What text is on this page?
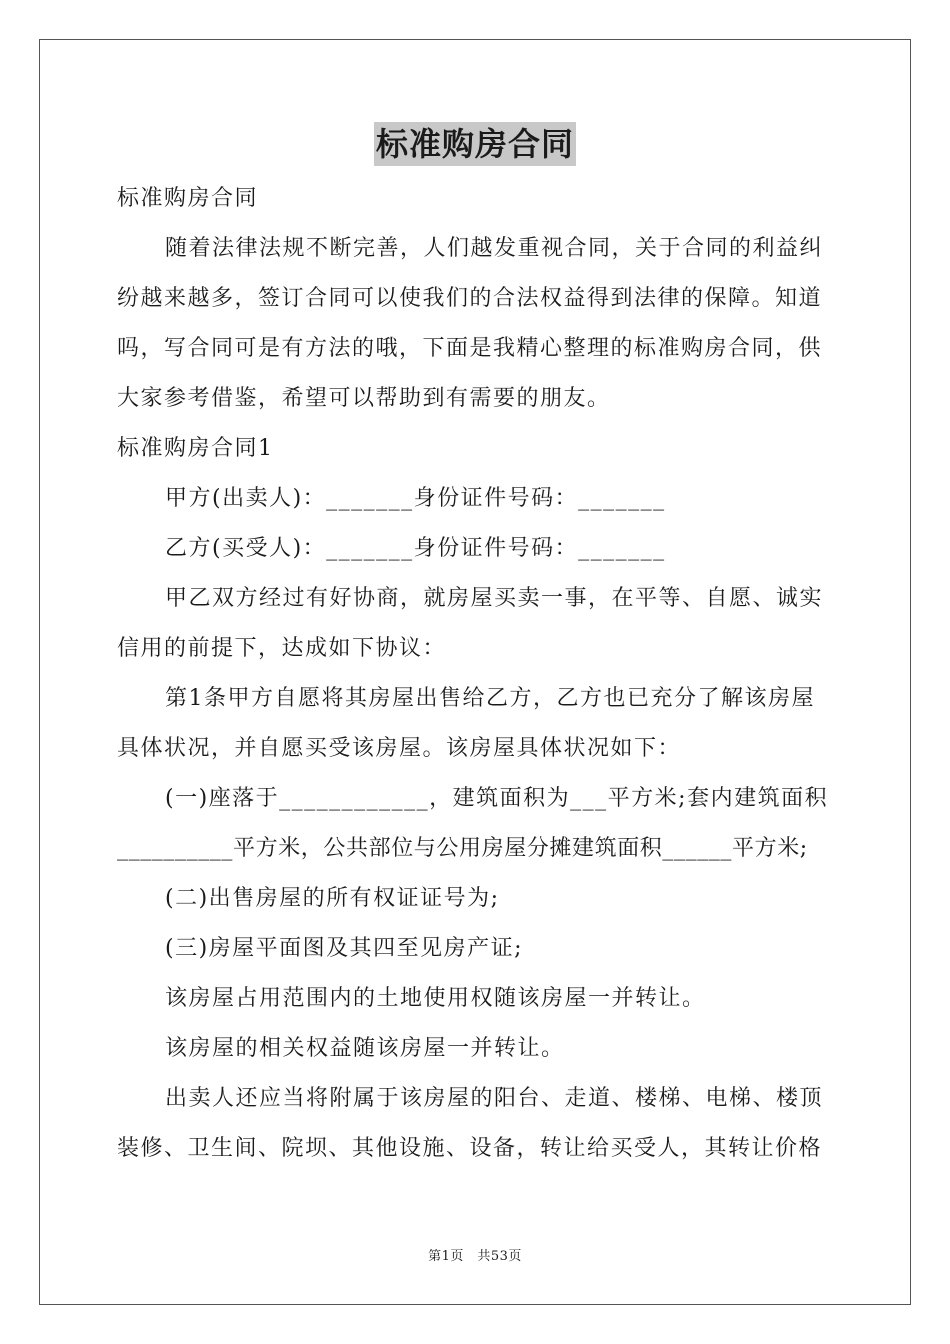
标准购房合同
标准购房合同
随着法律法规不断完善，人们越发重视合同，关于合同的利益纠
纷越来越多，签订合同可以使我们的合法权益得到法律的保障。知道
吗，写合同可是有方法的哦，下面是我精心整理的标准购房合同，供
大家参考借鉴，希望可以帮助到有需要的朋友。
标准购房合同1
甲方(出卖人)：_______身份证件号码：_______
乙方(买受人)：_______身份证件号码：_______
甲乙双方经过有好协商，就房屋买卖一事，在平等、自愿、诚实
信用的前提下，达成如下协议：
第1条甲方自愿将其房屋出售给乙方，乙方也已充分了解该房屋
具体状况，并自愿买受该房屋。该房屋具体状况如下：
(一)座落于____________，建筑面积为___平方米;套内建筑面积
__________平方米，公共部位与公用房屋分摊建筑面积______平方米;
(二)出售房屋的所有权证证号为;
(三)房屋平面图及其四至见房产证;
该房屋占用范围内的土地使用权随该房屋一并转让。
该房屋的相关权益随该房屋一并转让。
出卖人还应当将附属于该房屋的阳台、走道、楼梯、电梯、楼顶
装修、卫生间、院坝、其他设施、设备，转让给买受人，其转让价格
第1页　共53页
